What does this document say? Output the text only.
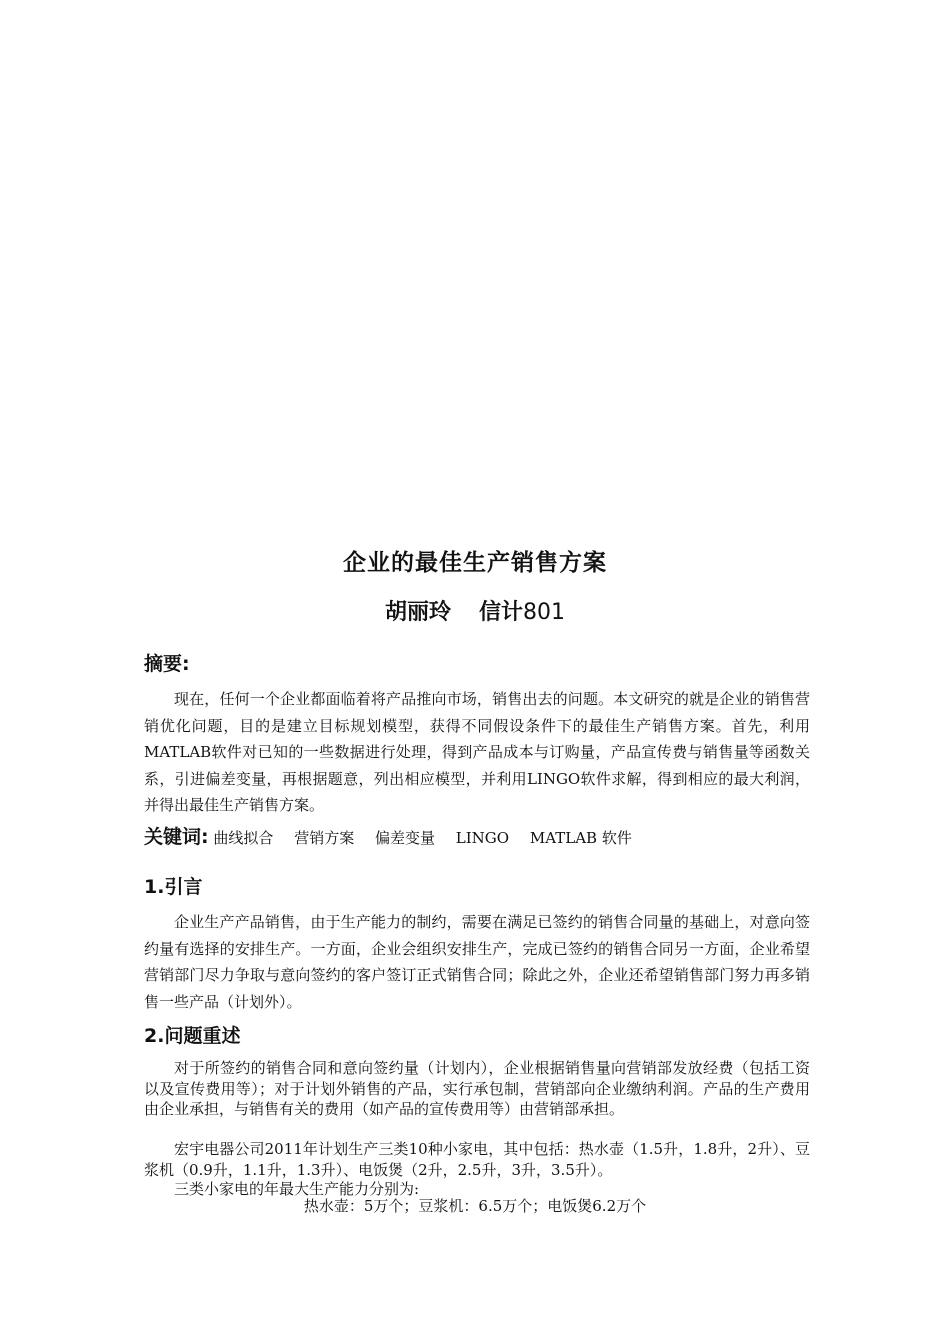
企业的最佳生产销售方案
胡丽玲 信计801
摘要:
现在，任何一个企业都面临着将产品推向市场，销售出去的问题。本文研究的就是企业的销售营销优化问题，目的是建立目标规划模型，获得不同假设条件下的最佳生产销售方案。首先，利用MATLAB软件对已知的一些数据进行处理，得到产品成本与订购量，产品宣传费与销售量等函数关系，引进偏差变量，再根据题意，列出相应模型，并利用LINGO软件求解，得到相应的最大利润，并得出最佳生产销售方案。
关键词: 曲线拟合 营销方案 偏差变量 LINGO MATLAB 软件
1.引言
企业生产产品销售，由于生产能力的制约，需要在满足已签约的销售合同量的基础上，对意向签约量有选择的安排生产。一方面，企业会组织安排生产，完成已签约的销售合同另一方面，企业希望营销部门尽力争取与意向签约的客户签订正式销售合同；除此之外，企业还希望销售部门努力再多销售一些产品（计划外）。
2.问题重述
对于所签约的销售合同和意向签约量（计划内），企业根据销售量向营销部发放经费（包括工资以及宣传费用等）；对于计划外销售的产品，实行承包制，营销部向企业缴纳利润。产品的生产费用由企业承担，与销售有关的费用（如产品的宣传费用等）由营销部承担。
宏宇电器公司2011年计划生产三类10种小家电，其中包括：热水壶（1.5升，1.8升，2升）、豆浆机（0.9升，1.1升，1.3升）、电饭煲（2升，2.5升，3升，3.5升）。
三类小家电的年最大生产能力分别为:
热水壶：5万个；豆浆机：6.5万个；电饭煲6.2万个
